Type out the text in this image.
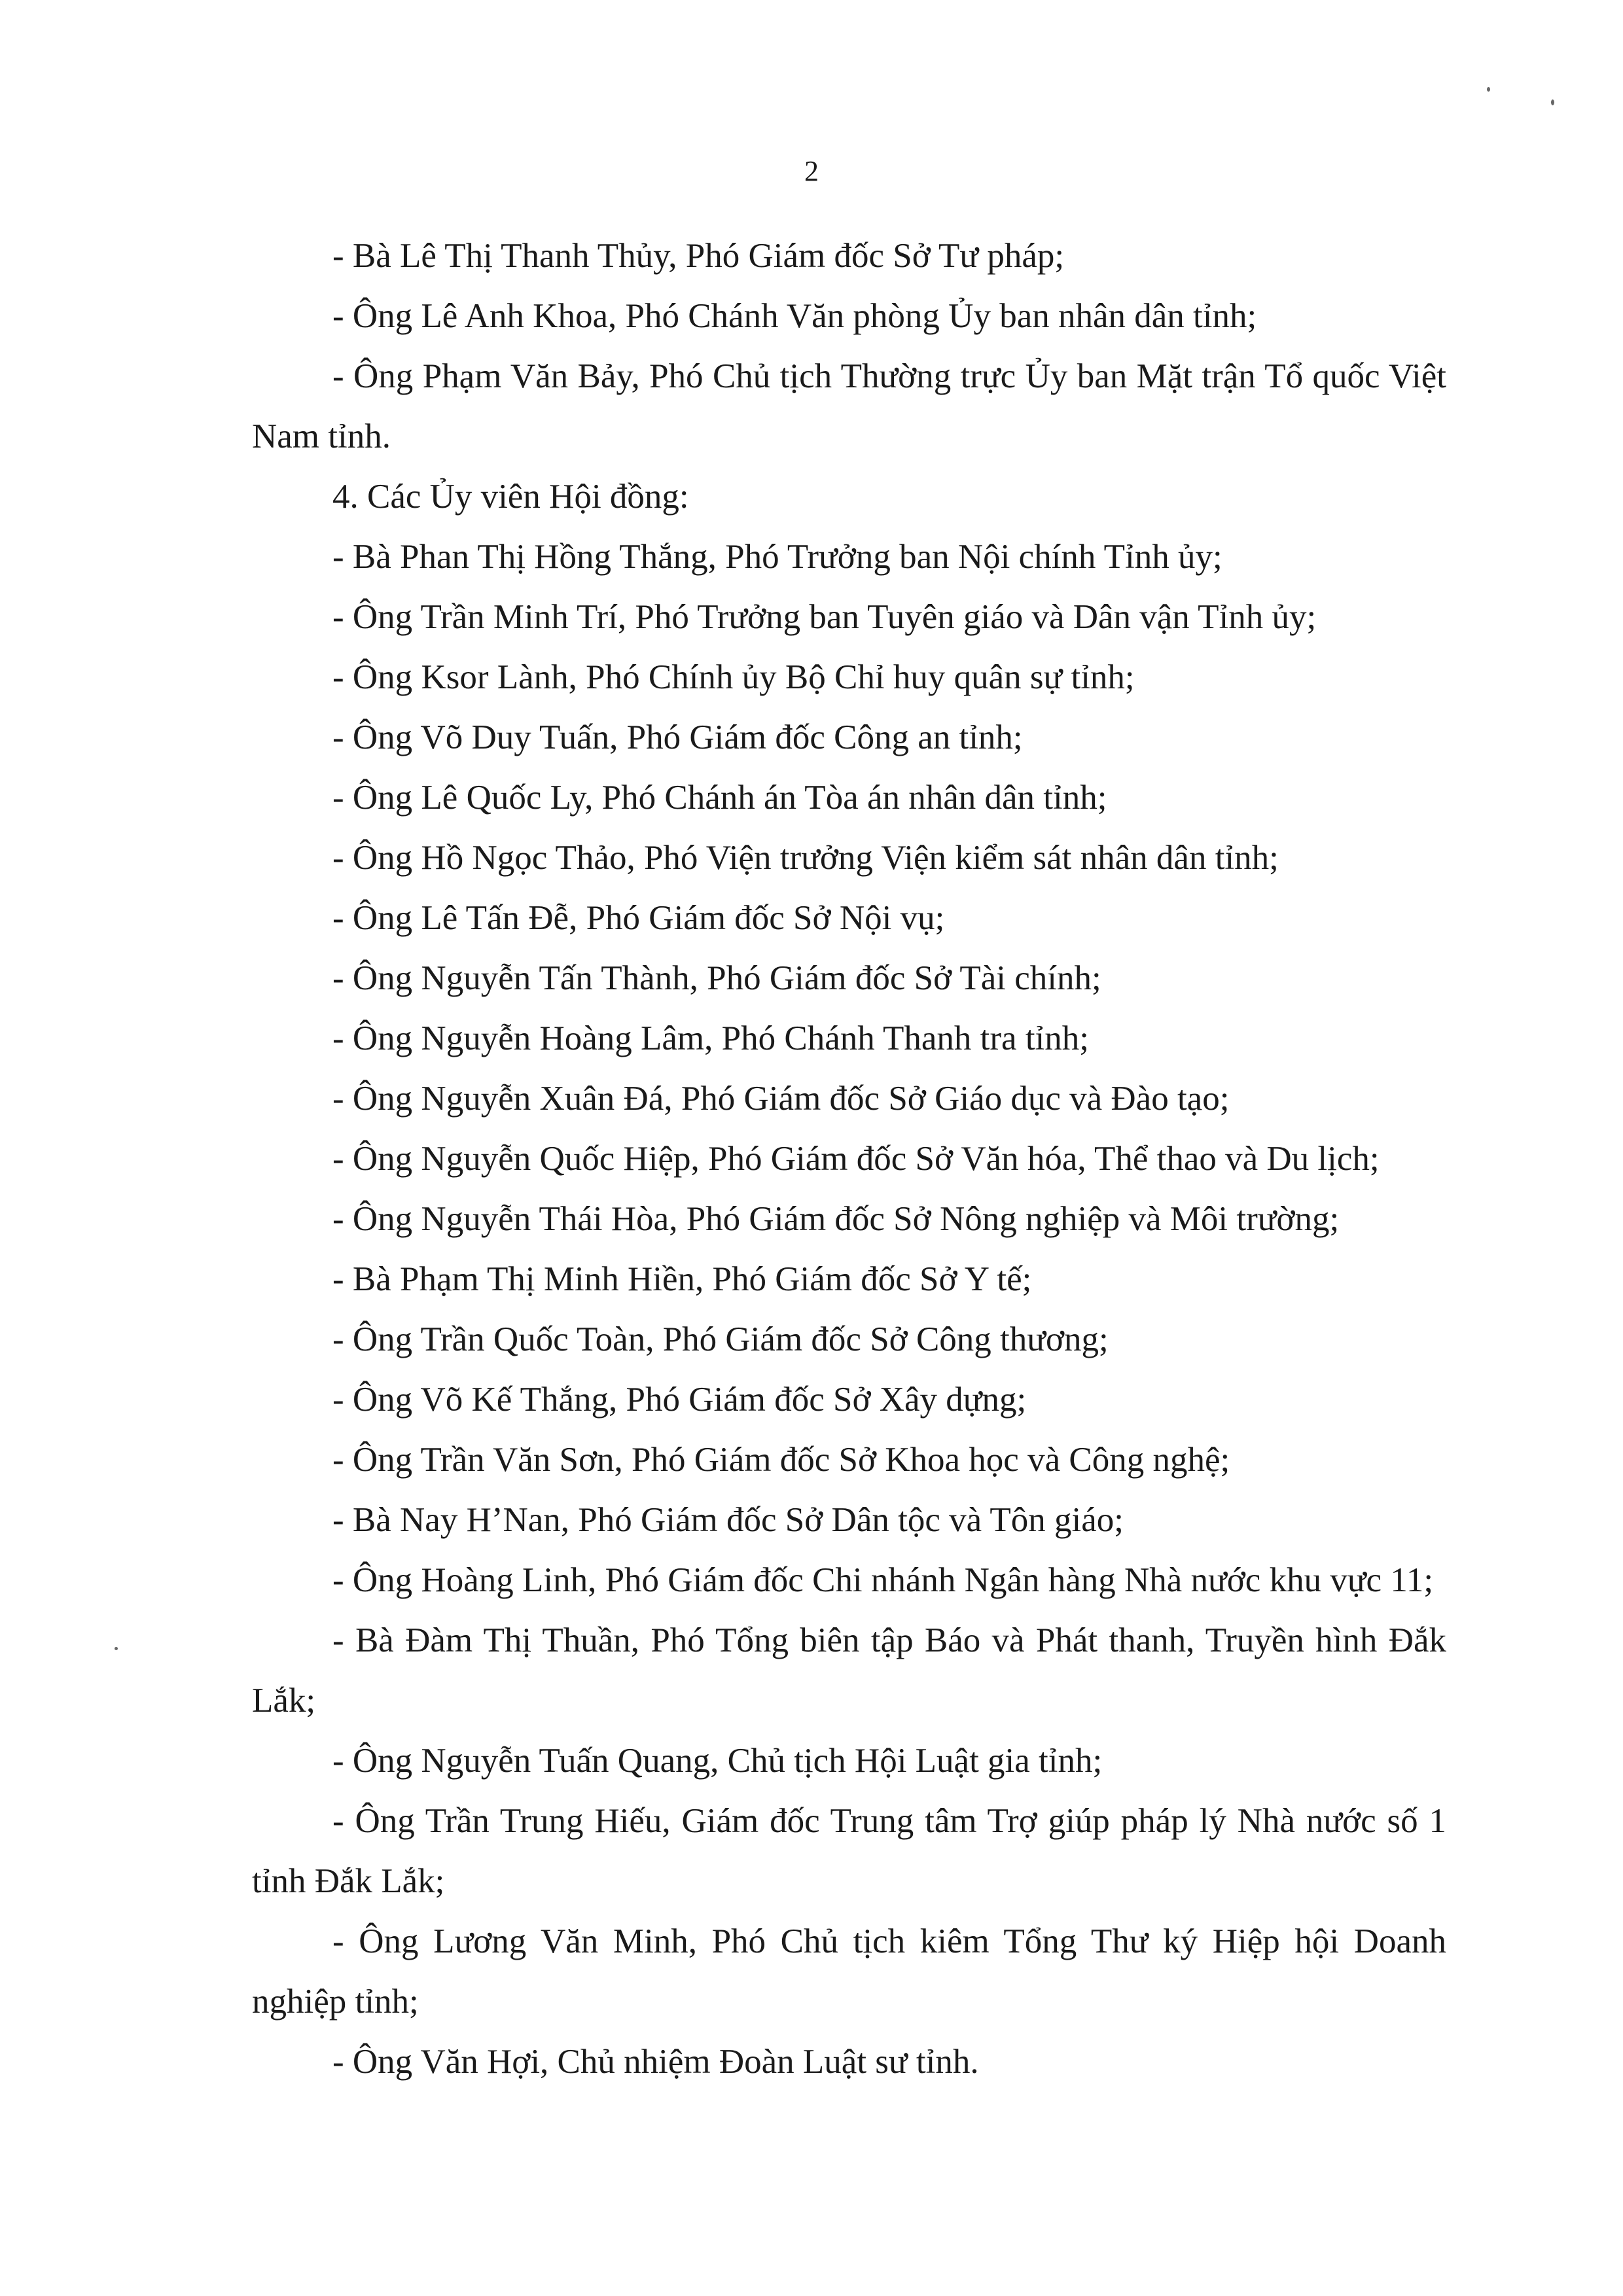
2

- Bà Lê Thị Thanh Thủy, Phó Giám đốc Sở Tư pháp;

- Ông Lê Anh Khoa, Phó Chánh Văn phòng Ủy ban nhân dân tỉnh;

- Ông Phạm Văn Bảy, Phó Chủ tịch Thường trực Ủy ban Mặt trận Tổ quốc Việt Nam tỉnh.

4. Các Ủy viên Hội đồng:

- Bà Phan Thị Hồng Thắng, Phó Trưởng ban Nội chính Tỉnh ủy;

- Ông Trần Minh Trí, Phó Trưởng ban Tuyên giáo và Dân vận Tỉnh ủy;

- Ông Ksor Lành, Phó Chính ủy Bộ Chỉ huy quân sự tỉnh;

- Ông Võ Duy Tuấn, Phó Giám đốc Công an tỉnh;

- Ông Lê Quốc Ly, Phó Chánh án Tòa án nhân dân tỉnh;

- Ông Hồ Ngọc Thảo, Phó Viện trưởng Viện kiểm sát nhân dân tỉnh;

- Ông Lê Tấn Đễ, Phó Giám đốc Sở Nội vụ;

- Ông Nguyễn Tấn Thành, Phó Giám đốc Sở Tài chính;

- Ông Nguyễn Hoàng Lâm, Phó Chánh Thanh tra tỉnh;

- Ông Nguyễn Xuân Đá, Phó Giám đốc Sở Giáo dục và Đào tạo;

- Ông Nguyễn Quốc Hiệp, Phó Giám đốc Sở Văn hóa, Thể thao và Du lịch;

- Ông Nguyễn Thái Hòa, Phó Giám đốc Sở Nông nghiệp và Môi trường;

- Bà Phạm Thị Minh Hiền, Phó Giám đốc Sở Y tế;

- Ông Trần Quốc Toàn, Phó Giám đốc Sở Công thương;

- Ông Võ Kế Thắng, Phó Giám đốc Sở Xây dựng;

- Ông Trần Văn Sơn, Phó Giám đốc Sở Khoa học và Công nghệ;

- Bà Nay H’Nan, Phó Giám đốc Sở Dân tộc và Tôn giáo;

- Ông Hoàng Linh, Phó Giám đốc Chi nhánh Ngân hàng Nhà nước khu vực 11;

- Bà Đàm Thị Thuần, Phó Tổng biên tập Báo và Phát thanh, Truyền hình Đắk Lắk;

- Ông Nguyễn Tuấn Quang, Chủ tịch Hội Luật gia tỉnh;

- Ông Trần Trung Hiếu, Giám đốc Trung tâm Trợ giúp pháp lý Nhà nước số 1 tỉnh Đắk Lắk;

- Ông Lương Văn Minh, Phó Chủ tịch kiêm Tổng Thư ký Hiệp hội Doanh nghiệp tỉnh;

- Ông Văn Hợi, Chủ nhiệm Đoàn Luật sư tỉnh.
